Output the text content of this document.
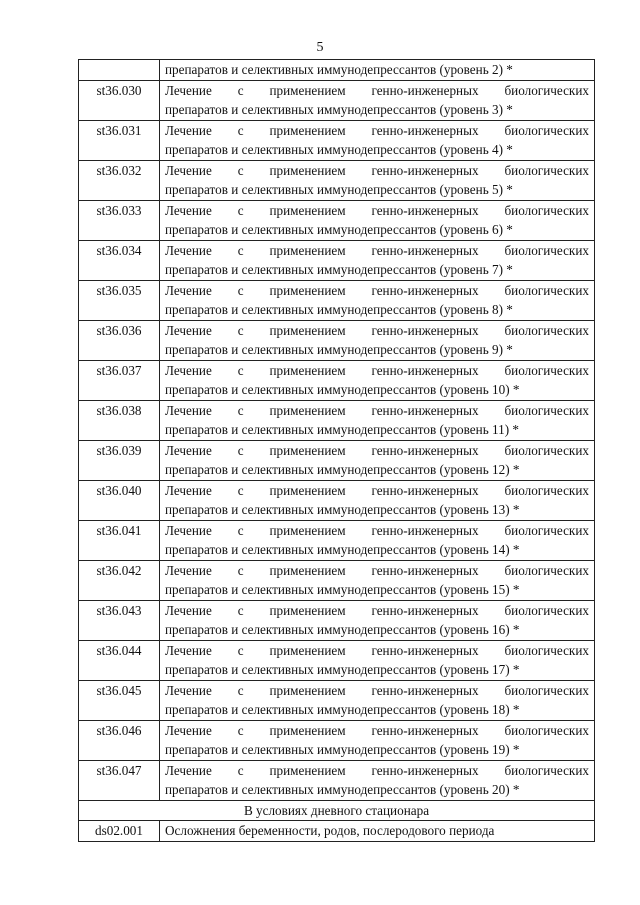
5
	препаратов и селективных иммунодепрессантов (уровень 2) *
st36.030	Лечение с применением генно-инженерных биологических
препаратов и селективных иммунодепрессантов (уровень 3) *

st36.031	Лечение с применением генно-инженерных биологических
препаратов и селективных иммунодепрессантов (уровень 4) *

st36.032	Лечение с применением генно-инженерных биологических
препаратов и селективных иммунодепрессантов (уровень 5) *

st36.033	Лечение с применением генно-инженерных биологических
препаратов и селективных иммунодепрессантов (уровень 6) *

st36.034	Лечение с применением генно-инженерных биологических
препаратов и селективных иммунодепрессантов (уровень 7) *

st36.035	Лечение с применением генно-инженерных биологических
препаратов и селективных иммунодепрессантов (уровень 8) *

st36.036	Лечение с применением генно-инженерных биологических
препаратов и селективных иммунодепрессантов (уровень 9) *

st36.037	Лечение с применением генно-инженерных биологических
препаратов и селективных иммунодепрессантов (уровень 10) *

st36.038	Лечение с применением генно-инженерных биологических
препаратов и селективных иммунодепрессантов (уровень 11) *

st36.039	Лечение с применением генно-инженерных биологических
препаратов и селективных иммунодепрессантов (уровень 12) *

st36.040	Лечение с применением генно-инженерных биологических
препаратов и селективных иммунодепрессантов (уровень 13) *

st36.041	Лечение с применением генно-инженерных биологических
препаратов и селективных иммунодепрессантов (уровень 14) *

st36.042	Лечение с применением генно-инженерных биологических
препаратов и селективных иммунодепрессантов (уровень 15) *

st36.043	Лечение с применением генно-инженерных биологических
препаратов и селективных иммунодепрессантов (уровень 16) *

st36.044	Лечение с применением генно-инженерных биологических
препаратов и селективных иммунодепрессантов (уровень 17) *

st36.045	Лечение с применением генно-инженерных биологических
препаратов и селективных иммунодепрессантов (уровень 18) *

st36.046	Лечение с применением генно-инженерных биологических
препаратов и селективных иммунодепрессантов (уровень 19) *

st36.047	Лечение с применением генно-инженерных биологических
препаратов и селективных иммунодепрессантов (уровень 20) *

В условиях дневного стационара	
ds02.001	Осложнения беременности, родов, послеродового периода
